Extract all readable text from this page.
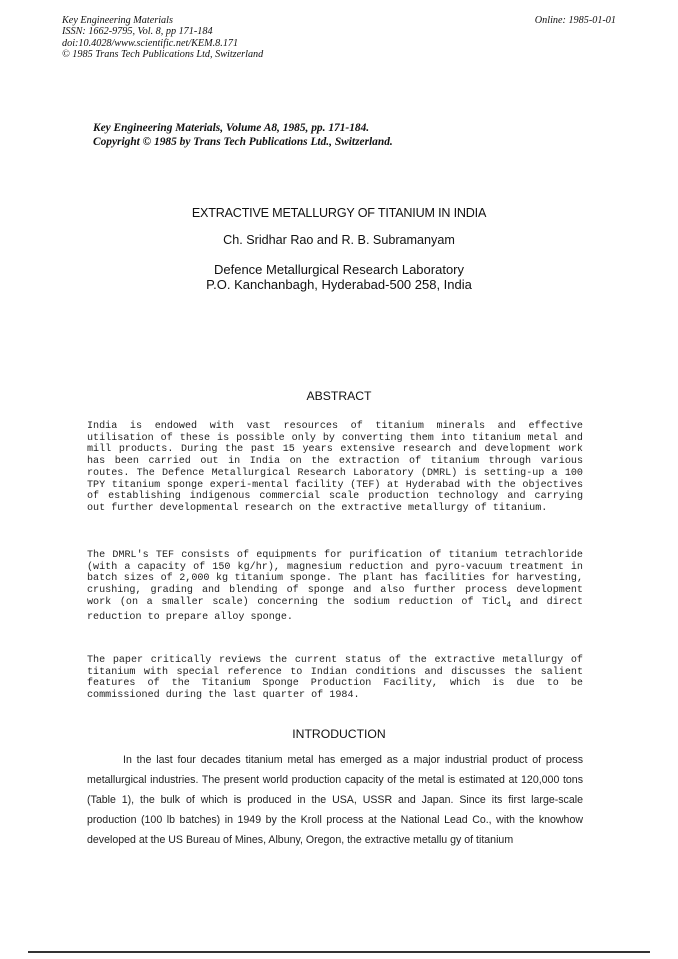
Key Engineering Materials
ISSN: 1662-9795, Vol. 8, pp 171-184
doi:10.4028/www.scientific.net/KEM.8.171
© 1985 Trans Tech Publications Ltd, Switzerland
Online: 1985-01-01
Key Engineering Materials, Volume A8, 1985, pp. 171-184.
Copyright © 1985 by Trans Tech Publications Ltd., Switzerland.
EXTRACTIVE METALLURGY OF TITANIUM IN INDIA
Ch. Sridhar Rao and R. B. Subramanyam
Defence Metallurgical Research Laboratory
P.O. Kanchanbagh, Hyderabad-500 258, India
ABSTRACT
India is endowed with vast resources of titanium minerals and effective utilisation of these is possible only by converting them into titanium metal and mill products. During the past 15 years extensive research and development work has been carried out in India on the extraction of titanium through various routes. The Defence Metallurgical Research Laboratory (DMRL) is setting-up a 100 TPY titanium sponge experi-mental facility (TEF) at Hyderabad with the objectives of establishing indigenous commercial scale production technology and carrying out further developmental research on the extractive metallurgy of titanium.
The DMRL's TEF consists of equipments for purification of titanium tetrachloride (with a capacity of 150 kg/hr), magnesium reduction and pyro-vacuum treatment in batch sizes of 2,000 kg titanium sponge. The plant has facilities for harvesting, crushing, grading and blending of sponge and also further process development work (on a smaller scale) concerning the sodium reduction of TiCl$_4$ and direct reduction to prepare alloy sponge.
The paper critically reviews the current status of the extractive metallurgy of titanium with special reference to Indian conditions and discusses the salient features of the Titanium Sponge Production Facility, which is due to be commissioned during the last quarter of 1984.
INTRODUCTION
In the last four decades titanium metal has emerged as a major industrial product of process metallurgical industries. The present world production capacity of the metal is estimated at 120,000 tons (Table 1), the bulk of which is produced in the USA, USSR and Japan. Since its first large-scale production (100 lb batches) in 1949 by the Kroll process at the National Lead Co., with the knowhow developed at the US Bureau of Mines, Albuny, Oregon, the extractive metallu gy of titanium
